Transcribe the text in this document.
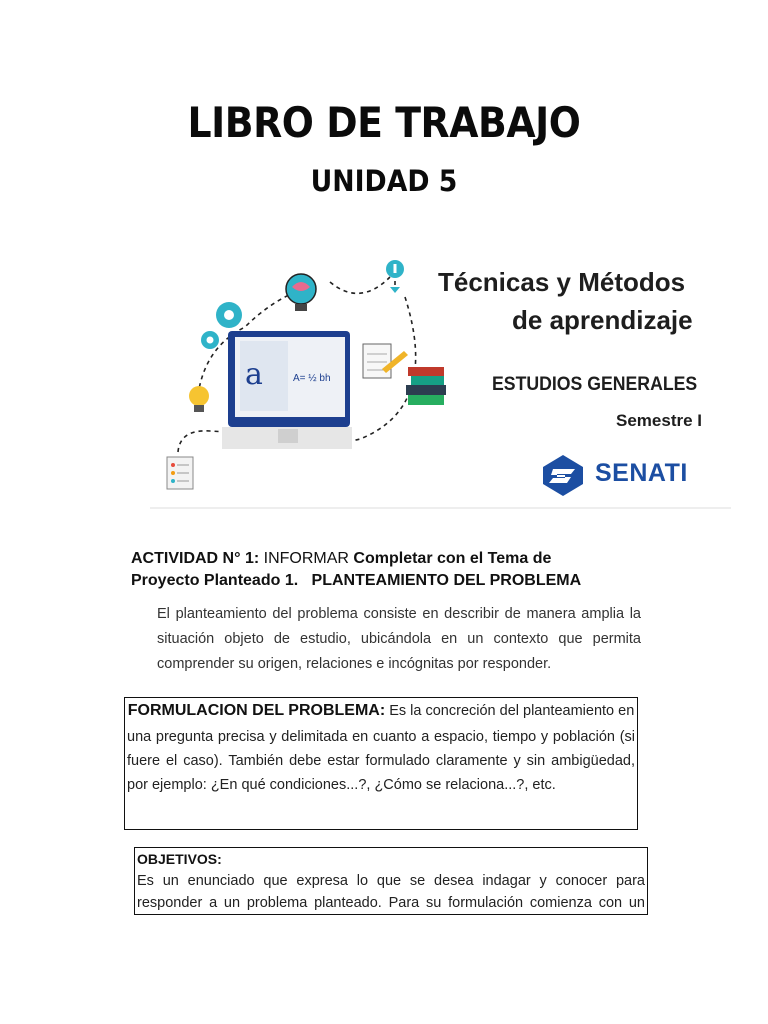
LIBRO DE TRABAJO
UNIDAD 5
a	A= ½ bh
Técnicas y Métodos
de aprendizaje
ESTUDIOS GENERALES
Semestre I
SENATI
ACTIVIDAD N° 1: INFORMAR Completar con el Tema de Proyecto Planteado 1. PLANTEAMIENTO DEL PROBLEMA
El planteamiento del problema consiste en describir de manera amplia la situación objeto de estudio, ubicándola en un contexto que permita comprender su origen, relaciones e incógnitas por responder.
FORMULACION DEL PROBLEMA: Es la concreción del planteamiento en
una pregunta precisa y delimitada en cuanto a espacio, tiempo y población (si fuere el caso). También debe estar formulado claramente y sin ambigüedad, por ejemplo: ¿En qué condiciones...?, ¿Cómo se relaciona...?, etc.
OBJETIVOS:
Es un enunciado que expresa lo que se desea indagar y conocer para responder a un problema planteado. Para su formulación comienza con un
